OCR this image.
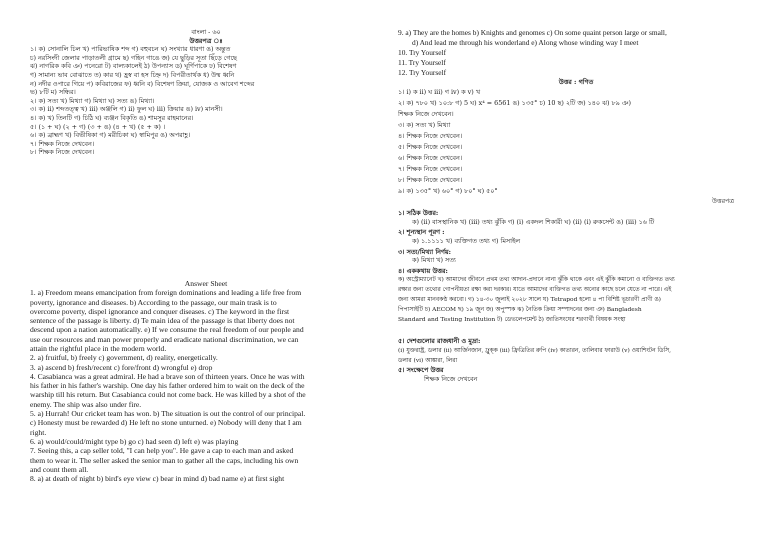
বাংলা - ৬০
উত্তরপত্র ঃ
১। ক) সোনালি চিল খ) পারিভাষিক শব্দ গ) বহুবচন ঘ) সংখ্যার ধারণা ঙ) অন্তুত
চ) নরসিংদী জেলার পাড়াতলী গ্রামে ছ) গহিন গাঙে জ) যে ছুড়ির সূতা ছিঁড়ে গেছে
ঝ) নাগরিক কবি ঞ) পনেরো ট) বাল্যকালেই ঠ) উপন্যাস ড) ঘূর্ণিপাকে ঢ) বিশেষণ
ণ) সামান্য ভাব বোঝাতে ত) কার থ) হ্রস্ব বা হস চিহ্ন দ) বিপরীতার্থক ধ) উষ্ম ধ্বনি
ন) নদীর ওপারে গিয়ে প) কবিরাজের ফ) ধ্বনি ব) বিশেষণ ক্রিয়া, যোজক ও আবেগ শব্দের
ভ) ৮টি ম) সন্ধির।
২। ক) সত্য খ) মিথ্যা গ) মিথ্যা ঘ) সত্য ঙ) মিথ্যা।
৩। ক) ii) শব্দতত্ত্ব খ) iii) অঞ্জলি গ) ii) ফুল ঘ) iii) ক্রিয়ার ঙ) iv) মানসী।
৪। ক) খ) তিনটি গ) চিঠি ঘ) ব্যঞ্জন বিকৃতি ঙ) শামসুর রাহমানের।
৫। (১ + ঘ) (২ + গ) (৩ + ঙ) (৪ + খ) (৫ + ক) ।
৬। ক) ব্রাহ্মণ খ) বিভীষিকা গ) মরীচিকা ঘ) স্বামিপুর ঙ) অপরাহ্ণ।
৭। শিক্ষক নিজে দেখবেন।
৮। শিক্ষক নিজে দেখবেন।
Answer Sheet
1. a) Freedom means emancipation from foreign dominations and leading a life free from
poverty, ignorance and diseases. b) According to the passage, our main trask is to
overcome poverty, dispel ignorance and conquer diseases. c) The keyword in the first
sentence of the passage is liberty. d) Te main idea of the passage is that liberty does not
descend upon a nation automatically. e) If we consume the real freedom of our people and
use our resources and man power properly and eradicate national discrimination, we can
attain the rightful place in the modern world.
2. a) fruitful, b) freely c) government, d) reality, energetically.
3. a) ascend b) fresh/recent c) fore/front d) wrongful e) drop
4. Casabianca was a great admiral. He had a brave son of thirteen years. Once he was with
his father in his father's warship. One day his father ordered him to wait on the deck of the
warship till his return. But Casabianca could not come back. He was killed by a shot of the
enemy. The ship was also under fire.
5. a) Hurrah! Our cricket team has won. b) The situation is out the control of our principal.
c) Honesty must be rewarded d) He left no stone unturned. e) Nobody will deny that I am
right.
6. a) would/could/might type b) go c) had seen d) left e) was playing
7. Seeing this, a cap seller told, "I can help you". He gave a cap to each man and asked
them to wear it. The seller asked the senior man to gather all the caps, including his own
and count them all.
8. a) at death of night b) bird's eye view c) bear in mind d) bad name e) at first sight
9. a) They are the homes b) Knights and genomes c) On some quaint person large or small,
d) And lead me through his wonderland e) Along whose winding way I meet
10. Try Yourself
11. Try Yourself
12. Try Yourself
উত্তর : গণিত
১। i) ক ii) ঘ iii) গ iv) ক v) খ
২। ক) ৭৮০ খ) ১০:৮ গ) 5 ঘ) x⁴ = 6561 ঙ) ১৩৫° চ) 10 ছ) ২টি জ) ১৪০ ঝ) ৮৯ ঞ)
শিক্ষক নিজে দেখবেন।
৩। ক) সত্য খ) মিথ্যা
৪। শিক্ষক নিজে দেখবেন।
৫। শিক্ষক নিজে দেখবেন।
৬। শিক্ষক নিজে দেখবেন।
৭। শিক্ষক নিজে দেখবেন।
৮। শিক্ষক নিজে দেখবেন।
৯। ক) ১৩৫° খ) ৬০° গ) ৮০° ঘ) ৫০°
উত্তরপত্র
১। সঠিক উত্তর:
ক) (ii) বাসস্থানিক খ) (iii) তথ্য ঝুঁকি গ) (i) একদল শিকারী ঘ) (ii) (i) রুকসেন্ট ঙ) (iii) ১৬ টি
২। শূন্যস্থান পূরণ :
ক) ১.১১১১ খ) ব্যক্তিগত তথ্য গ) মিসাইল
৩। সত্য/মিথ্যা নির্ণয়:
ক) মিথ্যা খ) সত্য
৪। এককথায় উত্তর:
ক) অস্ট্রোম্যানেট খ) আমাদের জীবনে প্রথম তথ্য আদান-প্রদানে নানা ঝুঁকি থাকে এবং এই ঝুঁকি কমানো ও ব্যক্তিগত তথ্য
রক্ষার জন্য তথ্যের গোপনীয়তা রক্ষা করা দরকার। যাতে আমাদের ব্যক্তিগত তথ্য অন্যের কাছে চলে যেতে না পারে। এই
জন্য আমরা মানবকণ্ঠ করবো। গ) ১৪-৩০ জুলাই ২০২৮ সালে ঘ) Tetrapod হলো ৪ পা বিশিষ্ট ভূচারণী প্রাণী ঙ)
পিপাসাইটি চ) AECOM ছ) ১৯ জুন জ) অপুস্পক ঝ) নৈতিক ক্রিয়া সম্পাদনের জন্য ঞ) Bangladesh
Standard and Testing Institution ট) ডেভলেপমেন্ট ঠ) জাতিসংঘের শরণার্থী বিষয়ক সংস্থা
৫। দেশগুলোর রাজধানী ও মুদ্রা:
(i) যুক্তরাষ্ট্র, ডলার (ii) আর্জিনজান, ঢ্রুক্‌ক (iii) ফ্রিত্রিতির রুপি (iv) কাতারন, তালিবার ফারাউ (v) ওয়াশিংটন ডিসি,
ডলার (vi) আঙ্কারা, লিরা
৫। সংক্ষেপে উত্তর
শিক্ষক নিজে দেখবেন
